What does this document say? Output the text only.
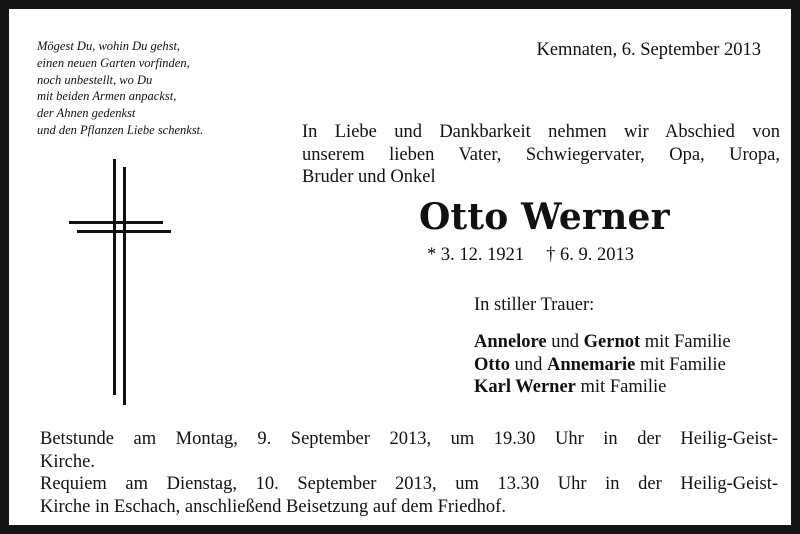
Mögest Du, wohin Du gehst,
einen neuen Garten vorfinden,
noch unbestellt, wo Du
mit beiden Armen anpackst,
der Ahnen gedenkst
und den Pflanzen Liebe schenkst.
Kemnaten, 6. September 2013
In Liebe und Dankbarkeit nehmen wir Abschied von
unserem lieben Vater, Schwiegervater, Opa, Uropa,
Bruder und Onkel
Otto Werner
* 3. 12. 1921 † 6. 9. 2013
In stiller Trauer:
Annelore und Gernot mit Familie
Otto und Annemarie mit Familie
Karl Werner mit Familie
Betstunde am Montag, 9. September 2013, um 19.30 Uhr in der Heilig-Geist-
Kirche.
Requiem am Dienstag, 10. September 2013, um 13.30 Uhr in der Heilig-Geist-
Kirche in Eschach, anschließend Beisetzung auf dem Friedhof.
